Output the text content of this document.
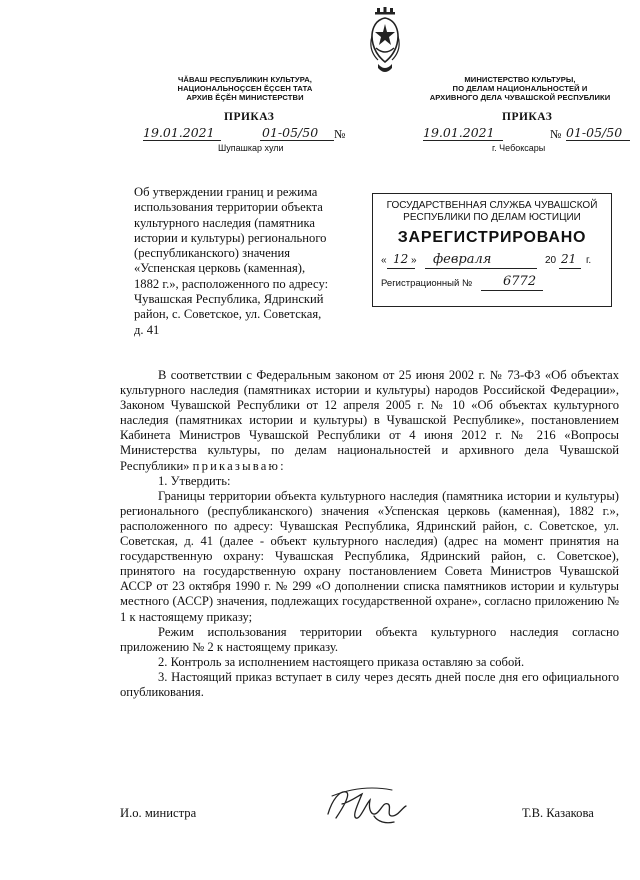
ЧĂВАШ РЕСПУБЛИКИН КУЛЬТУРА,
НАЦИОНАЛЬНОÇСЕН ĔÇСЕН ТАТА
АРХИВ ĔÇĔН МИНИСТЕРСТВИ
МИНИСТЕРСТВО КУЛЬТУРЫ,
ПО ДЕЛАМ НАЦИОНАЛЬНОСТЕЙ И
АРХИВНОГО ДЕЛА ЧУВАШСКОЙ РЕСПУБЛИКИ
ПРИКАЗ
19.01.2021	01-05/50 №
Шупашкар хули
ПРИКАЗ
19.01.2021	№ 01-05/50
г. Чебоксары

Об утверждении границ и режима

использования территории объекта

культурного наследия (памятника

истории и культуры) регионального

(республиканского) значения

«Успенская церковь (каменная),

1882 г.», расположенного по адресу:

Чувашская Республика, Ядринский

район, с. Советское, ул. Советская,

д. 41

ГОСУДАРСТВЕННАЯ СЛУЖБА ЧУВАШСКОЙ
РЕСПУБЛИКИ ПО ДЕЛАМ ЮСТИЦИИ
ЗАРЕГИСТРИРОВАНО
« 12 » февраля	20 21 г.
Регистрационный № 6772

В соответствии с Федеральным законом от 25 июня 2002 г. № 73-ФЗ «Об объектах культурного наследия (памятниках истории и культуры) народов Российской Федерации», Законом Чувашской Республики от 12 апреля 2005 г. № 10 «Об объектах культурного наследия (памятниках истории и культуры) в Чувашской Республике», постановлением Кабинета Министров Чувашской Республики от 4 июня 2012 г. № 216 «Вопросы Министерства культуры, по делам национальностей и архивного дела Чувашской Республики» приказываю:

1. Утвердить:

Границы территории объекта культурного наследия (памятника истории и культуры) регионального (республиканского) значения «Успенская церковь (каменная), 1882 г.», расположенного по адресу: Чувашская Республика, Ядринский район, с. Советское, ул. Советская, д. 41 (далее - объект культурного наследия) (адрес на момент принятия на государственную охрану: Чувашская Республика, Ядринский район, с. Советское), принятого на государственную охрану постановлением Совета Министров Чувашской АССР от 23 октября 1990 г. № 299 «О дополнении списка памятников истории и культуры местного (АССР) значения, подлежащих государственной охране», согласно приложению № 1 к настоящему приказу;

Режим использования территории объекта культурного наследия согласно приложению № 2 к настоящему приказу.

2. Контроль за исполнением настоящего приказа оставляю за собой.

3. Настоящий приказ вступает в силу через десять дней после дня его официального опубликования.

И.о. министра	Т.В. Казакова
